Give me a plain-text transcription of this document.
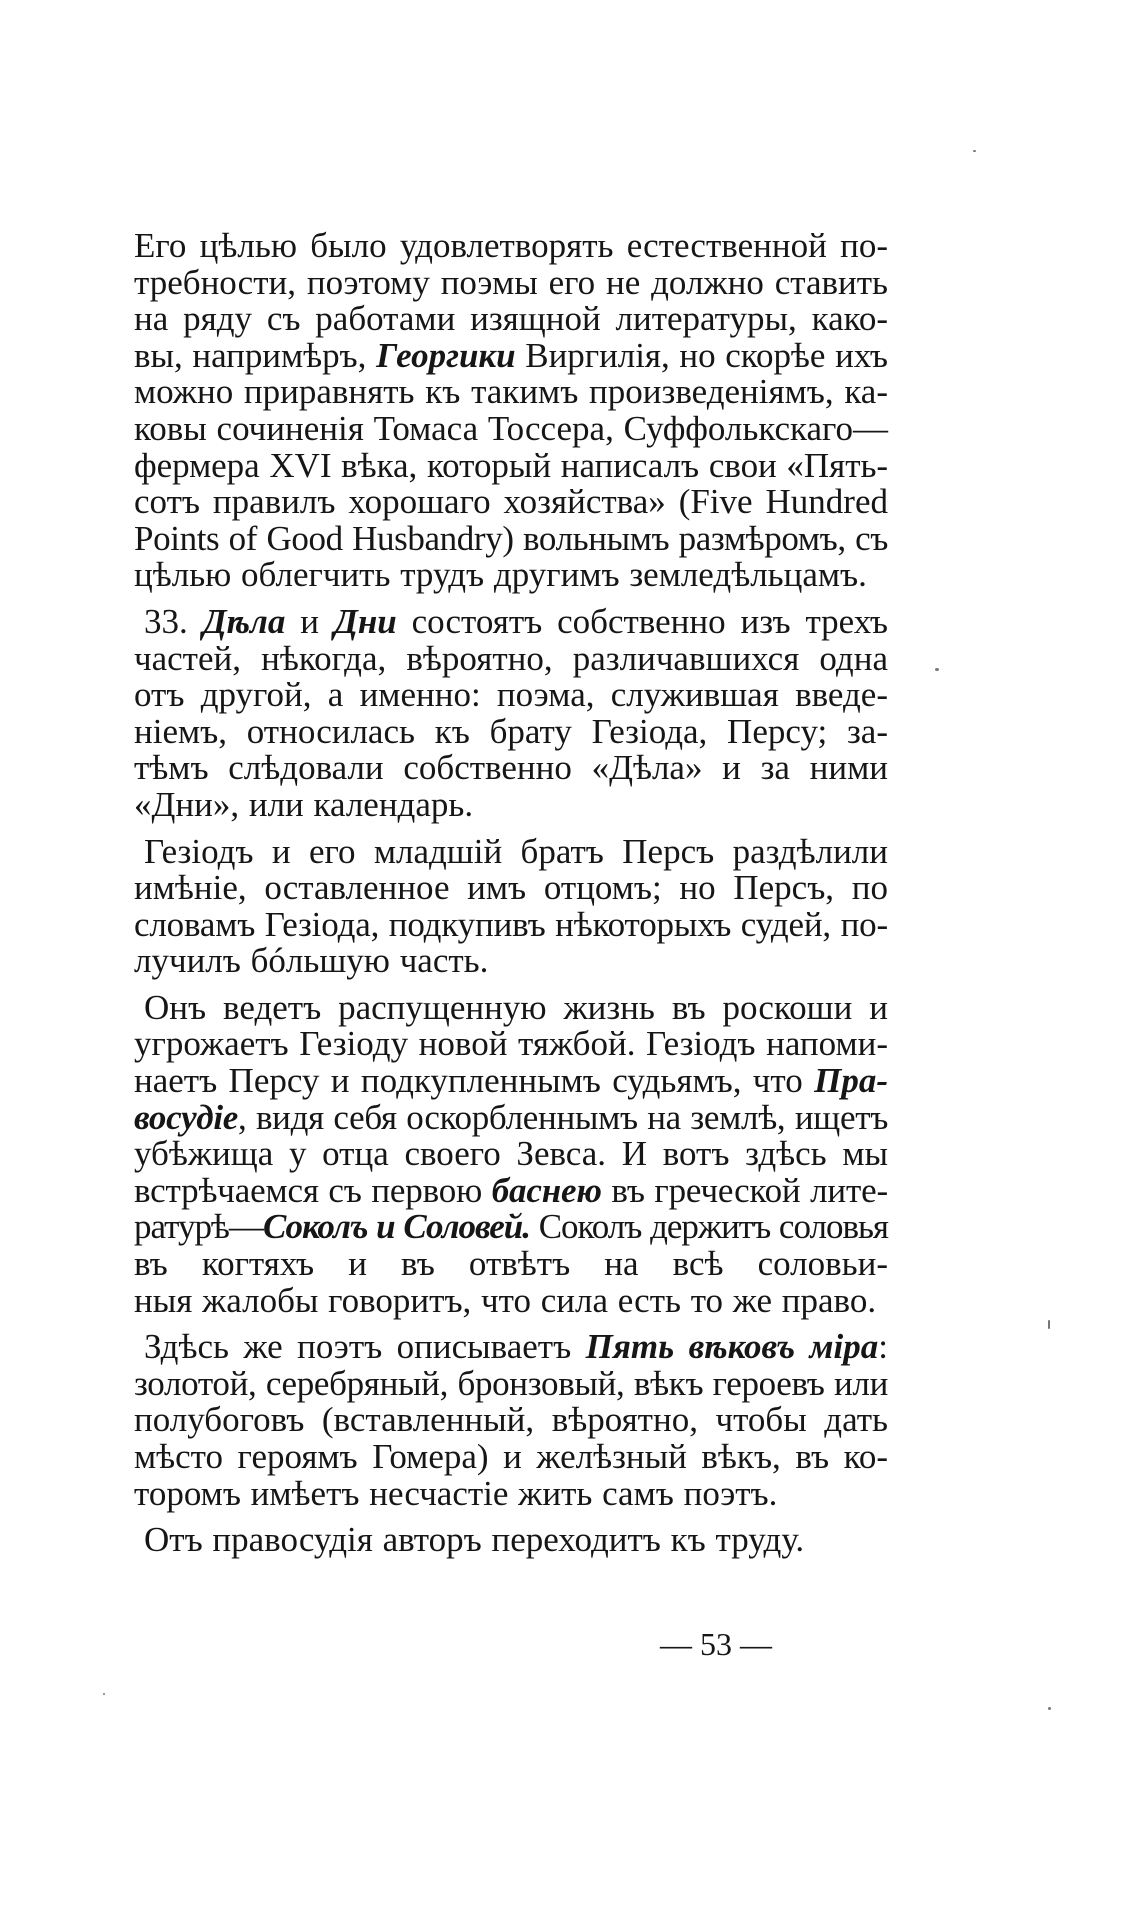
Его цѣлью было удовлетворять естественной по-
требности, поэтому поэмы его не должно ставить
на ряду съ работами изящной литературы, како-
вы, напримѣръ, Георгики Виргилія, но скорѣе ихъ
можно приравнять къ такимъ произведеніямъ, ка-
ковы сочиненія Томаса Тоссера, Суффолькскаго—
фермера XVI вѣка, который написалъ свои «Пять-
сотъ правилъ хорошаго хозяйства» (Five Hundred
Points of Good Husbandry) вольнымъ размѣромъ, съ
цѣлью облегчить трудъ другимъ земледѣльцамъ.
33. Дѣла и Дни состоятъ собственно изъ трехъ
частей, нѣкогда, вѣроятно, различавшихся одна
отъ другой, а именно: поэма, служившая введе-
ніемъ, относилась къ брату Гезіода, Персу; за-
тѣмъ слѣдовали собственно «Дѣла» и за ними
«Дни», или календарь.
Гезіодъ и его младшій братъ Персъ раздѣлили
имѣніе, оставленное имъ отцомъ; но Персъ, по
словамъ Гезіода, подкупивъ нѣкоторыхъ судей, по-
лучилъ бóльшую часть.
Онъ ведетъ распущенную жизнь въ роскоши и
угрожаетъ Гезіоду новой тяжбой. Гезіодъ напоми-
наетъ Персу и подкупленнымъ судьямъ, что Пра-
восудіе, видя себя оскорбленнымъ на землѣ, ищетъ
убѣжища у отца своего Зевса. И вотъ здѣсь мы
встрѣчаемся съ первою баснею въ греческой лите-
ратурѣ—Соколъ и Соловей. Соколъ держитъ соловья
въ когтяхъ и въ отвѣтъ на всѣ соловьи-
ныя жалобы говоритъ, что сила есть то же право.
Здѣсь же поэтъ описываетъ Пять вѣковъ міра:
золотой, серебряный, бронзовый, вѣкъ героевъ или
полубоговъ (вставленный, вѣроятно, чтобы дать
мѣсто героямъ Гомера) и желѣзный вѣкъ, въ ко-
торомъ имѣетъ несчастіе жить самъ поэтъ.
Отъ правосудія авторъ переходитъ къ труду.
— 53 —
